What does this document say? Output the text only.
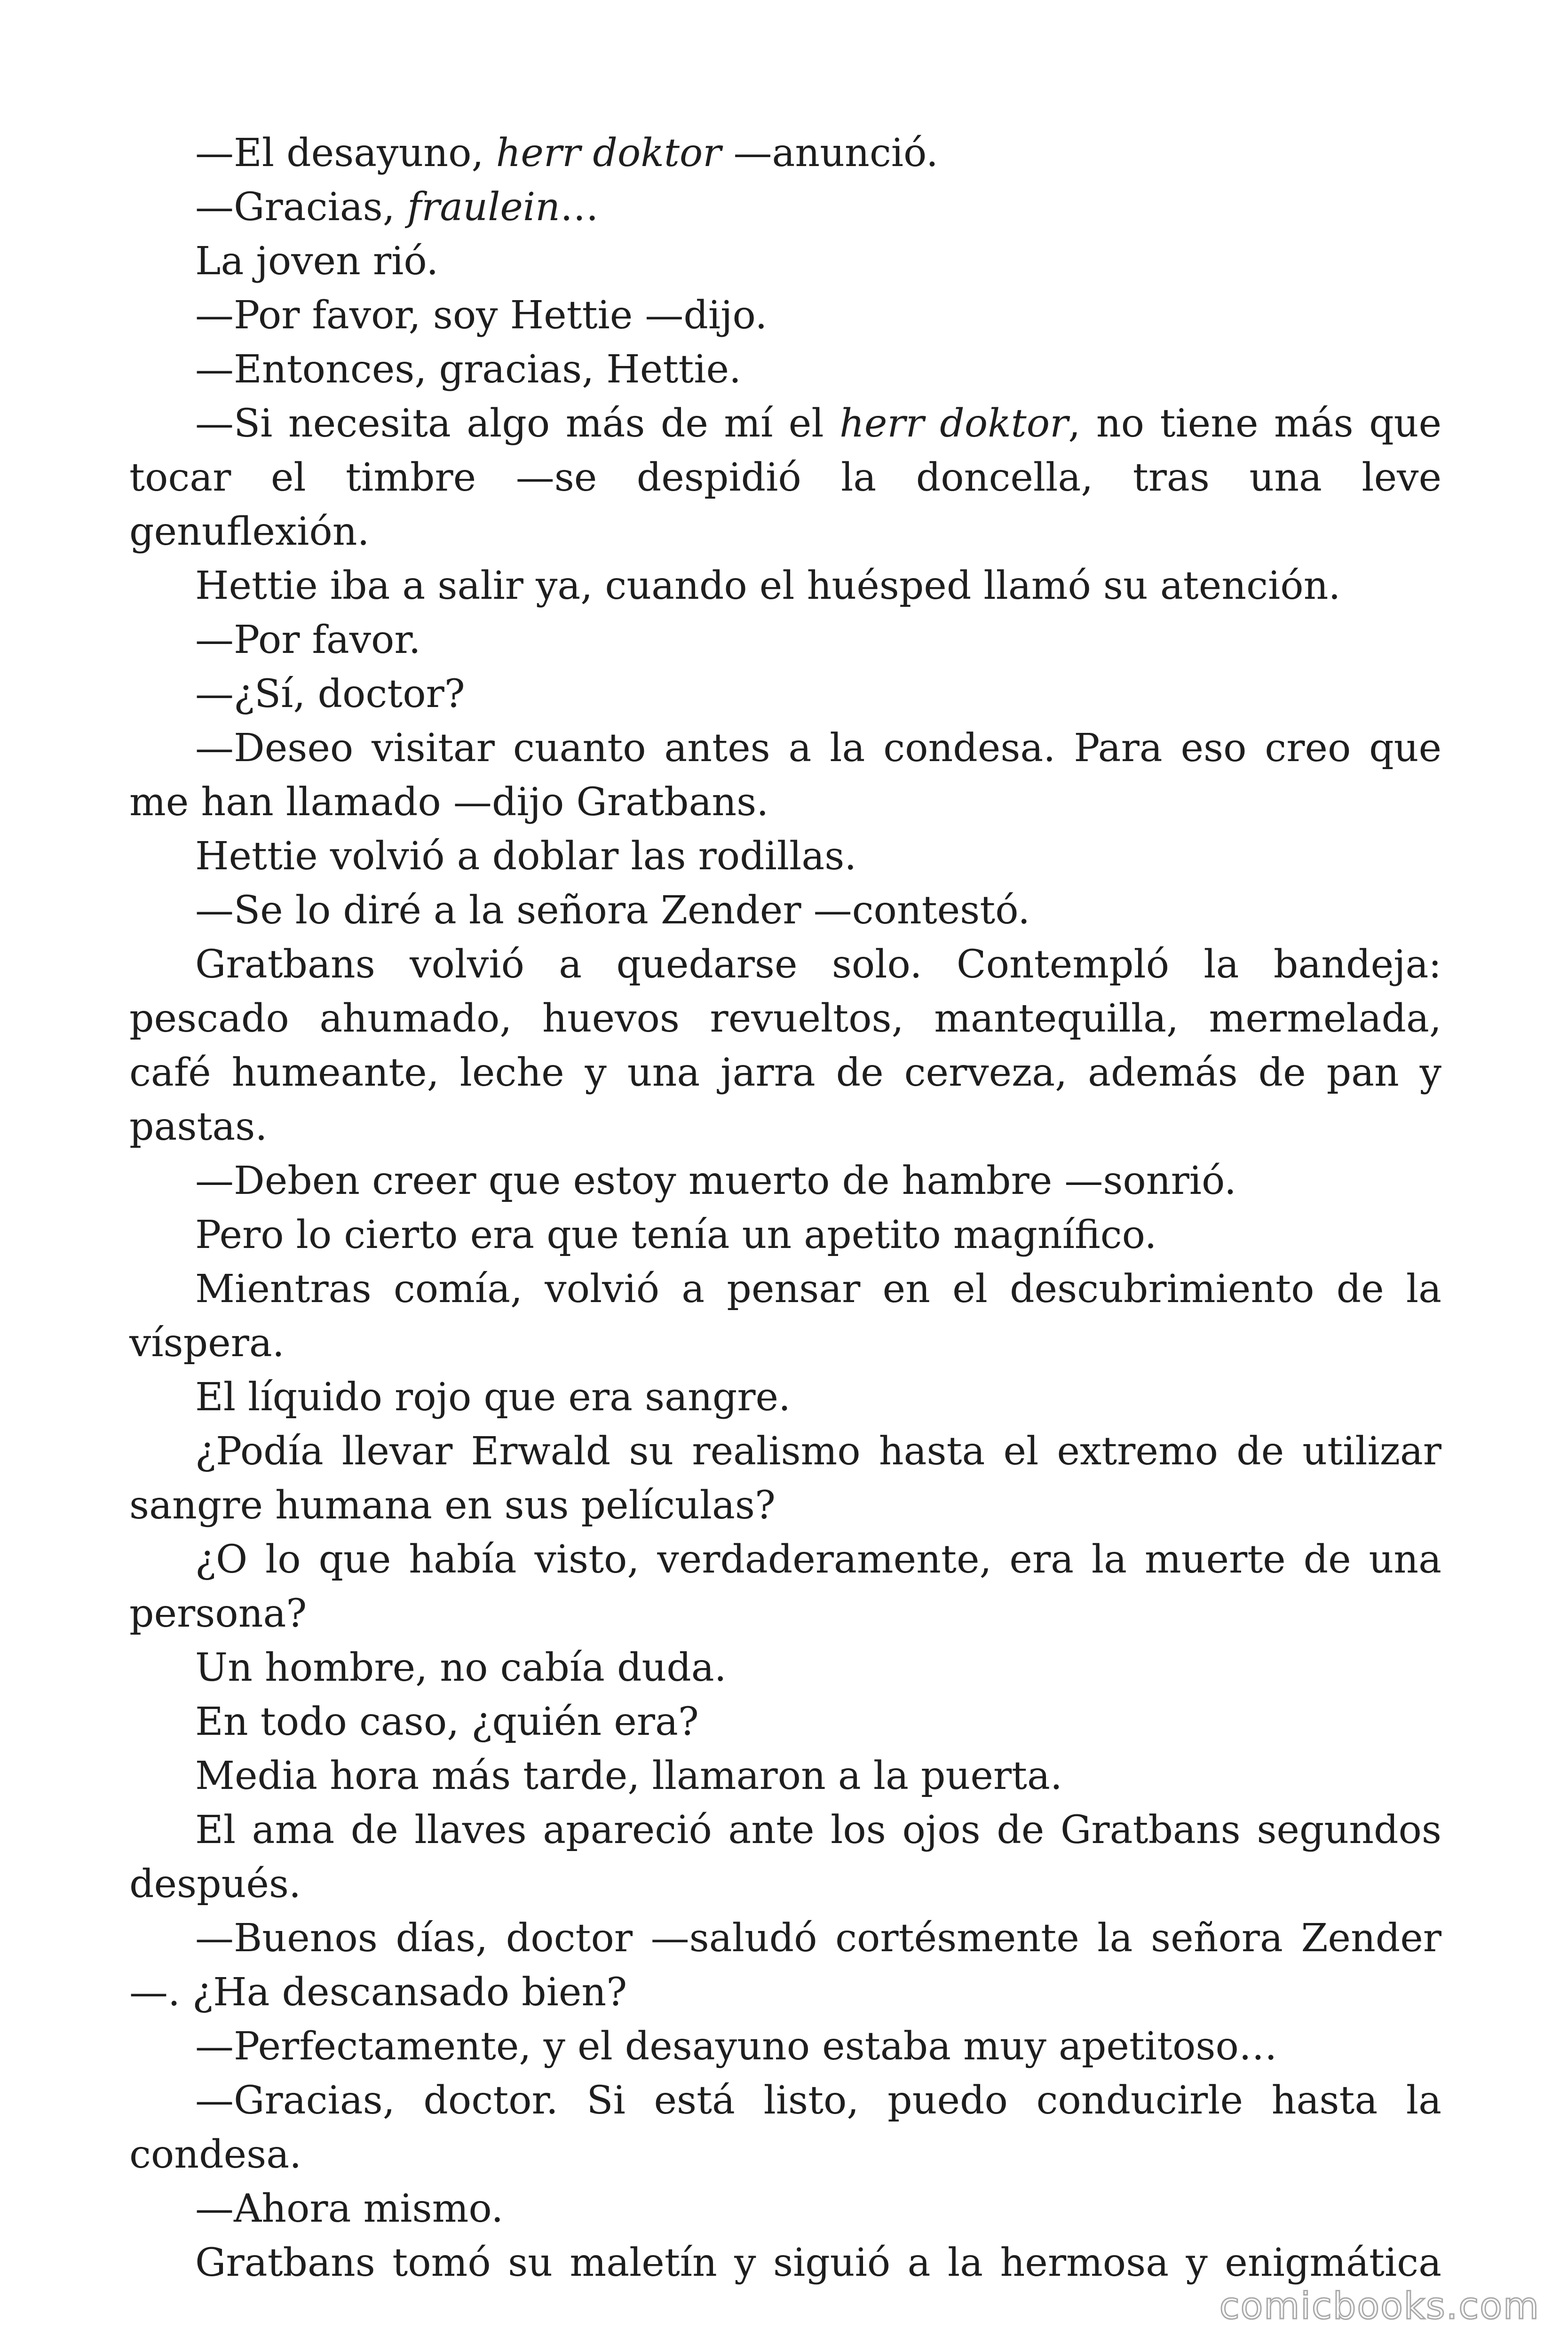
—El desayuno, herr doktor —anunció.

—Gracias, fraulein…

La joven rió.

—Por favor, soy Hettie —dijo.

—Entonces, gracias, Hettie.

—Si necesita algo más de mí el herr doktor, no tiene más que tocar el timbre —se despidió la doncella, tras una leve genuflexión.

Hettie iba a salir ya, cuando el huésped llamó su atención.

—Por favor.

—¿Sí, doctor?

—Deseo visitar cuanto antes a la condesa. Para eso creo que me han llamado —dijo Gratbans.

Hettie volvió a doblar las rodillas.

—Se lo diré a la señora Zender —contestó.

Gratbans volvió a quedarse solo. Contempló la bandeja: pescado ahumado, huevos revueltos, mantequilla, mermelada, café humeante, leche y una jarra de cerveza, además de pan y pastas.

—Deben creer que estoy muerto de hambre —sonrió.

Pero lo cierto era que tenía un apetito magnífico.

Mientras comía, volvió a pensar en el descubrimiento de la víspera.

El líquido rojo que era sangre.

¿Podía llevar Erwald su realismo hasta el extremo de utilizar sangre humana en sus películas?

¿O lo que había visto, verdaderamente, era la muerte de una persona?

Un hombre, no cabía duda.

En todo caso, ¿quién era?

Media hora más tarde, llamaron a la puerta.

El ama de llaves apareció ante los ojos de Gratbans segundos después.

—Buenos días, doctor —saludó cortésmente la señora Zender—. ¿Ha descansado bien?

—Perfectamente, y el desayuno estaba muy apetitoso…

—Gracias, doctor. Si está listo, puedo conducirle hasta la condesa.

—Ahora mismo.

Gratbans tomó su maletín y siguió a la hermosa y enigmática

comicbooks.com
